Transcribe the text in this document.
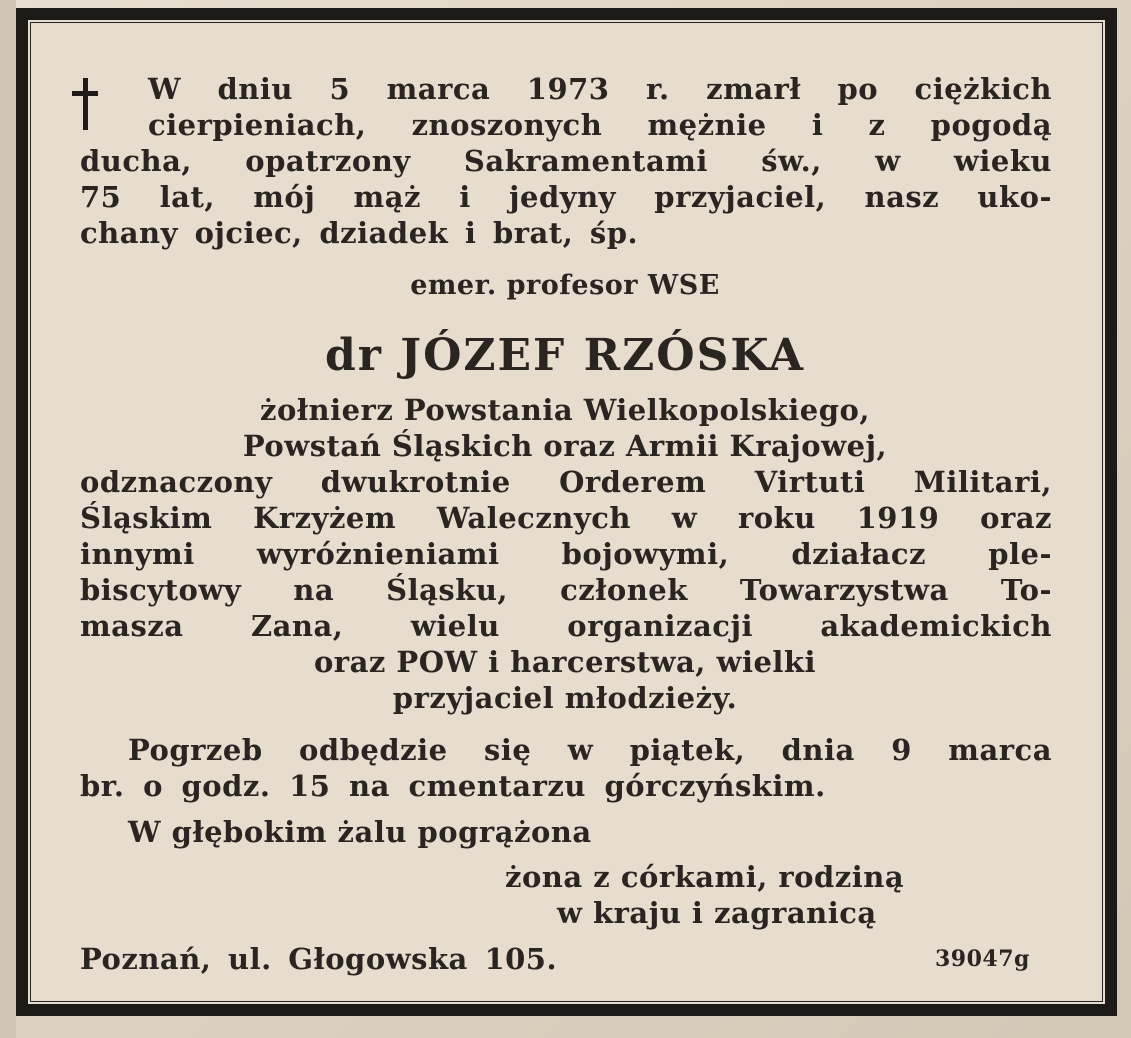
W dniu 5 marca 1973 r. zmarł po ciężkich
cierpieniach, znoszonych mężnie i z pogodą
ducha, opatrzony Sakramentami św., w wieku
75 lat, mój mąż i jedyny przyjaciel, nasz uko-
chany ojciec, dziadek i brat, śp.
emer. profesor WSE
dr JÓZEF RZÓSKA
żołnierz Powstania Wielkopolskiego,
Powstań Śląskich oraz Armii Krajowej,
odznaczony dwukrotnie Orderem Virtuti Militari,
Śląskim Krzyżem Walecznych w roku 1919 oraz
innymi wyróżnieniami bojowymi, działacz ple-
biscytowy na Śląsku, członek Towarzystwa To-
masza Zana, wielu organizacji akademickich
oraz POW i harcerstwa, wielki
przyjaciel młodzieży.
Pogrzeb odbędzie się w piątek, dnia 9 marca
br. o godz. 15 na cmentarzu górczyńskim.
W głębokim żalu pogrążona
żona z córkami, rodziną
w kraju i zagranicą
Poznań, ul. Głogowska 105.	39047g
